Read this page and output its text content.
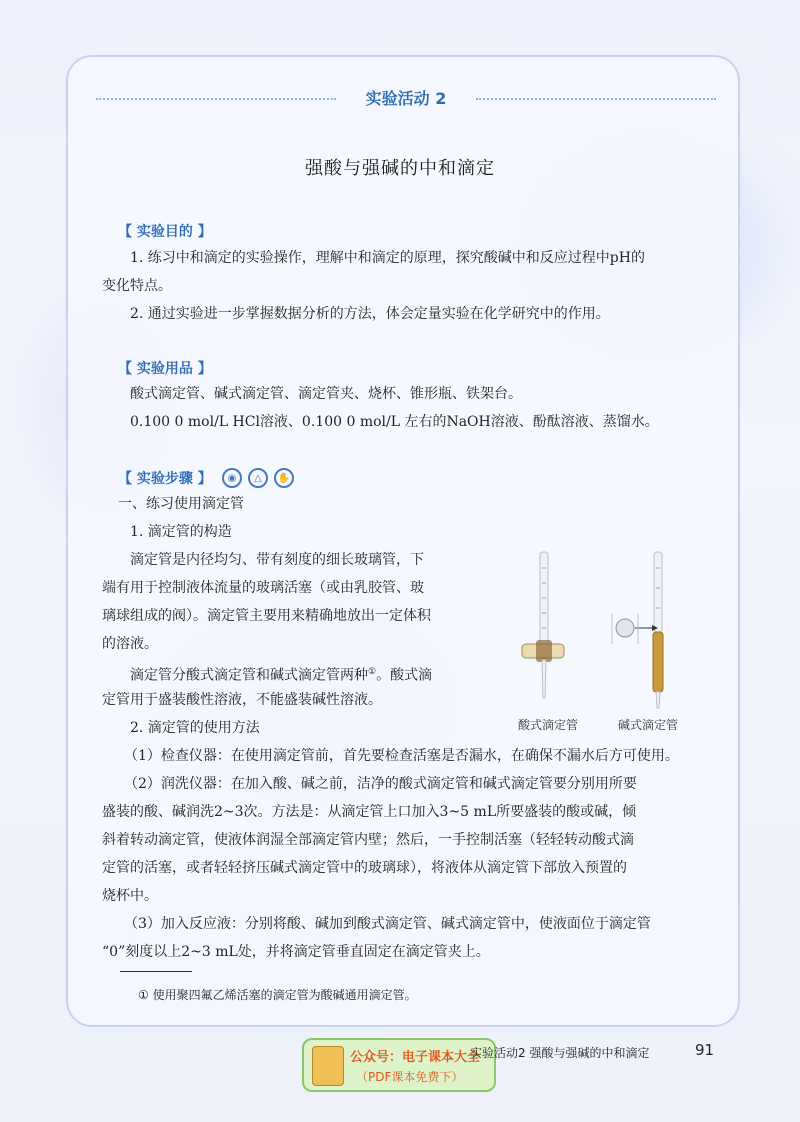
实验活动 2
强酸与强碱的中和滴定
【 实验目的 】
1. 练习中和滴定的实验操作，理解中和滴定的原理，探究酸碱中和反应过程中pH的
变化特点。
2. 通过实验进一步掌握数据分析的方法，体会定量实验在化学研究中的作用。
【 实验用品 】
酸式滴定管、碱式滴定管、滴定管夹、烧杯、锥形瓶、铁架台。
0.100 0 mol/L HCl溶液、0.100 0 mol/L 左右的NaOH溶液、酚酞溶液、蒸馏水。
【 实验步骤 】	◉	△	✋
一、练习使用滴定管
1. 滴定管的构造
滴定管是内径均匀、带有刻度的细长玻璃管，下
端有用于控制液体流量的玻璃活塞（或由乳胶管、玻
璃球组成的阀）。滴定管主要用来精确地放出一定体积
的溶液。
滴定管分酸式滴定管和碱式滴定管两种①。酸式滴
定管用于盛装酸性溶液，不能盛装碱性溶液。
2. 滴定管的使用方法
（1）检查仪器：在使用滴定管前，首先要检查活塞是否漏水，在确保不漏水后方可使用。
（2）润洗仪器：在加入酸、碱之前，洁净的酸式滴定管和碱式滴定管要分别用所要
盛装的酸、碱润洗2~3次。方法是：从滴定管上口加入3~5 mL所要盛装的酸或碱，倾
斜着转动滴定管，使液体润湿全部滴定管内壁；然后，一手控制活塞（轻轻转动酸式滴
定管的活塞，或者轻轻挤压碱式滴定管中的玻璃球），将液体从滴定管下部放入预置的
烧杯中。
（3）加入反应液：分别将酸、碱加到酸式滴定管、碱式滴定管中，使液面位于滴定管
“0”刻度以上2~3 mL处，并将滴定管垂直固定在滴定管夹上。
酸式滴定管	碱式滴定管
① 使用聚四氟乙烯活塞的滴定管为酸碱通用滴定管。
公众号：电子课本大全
（PDF课本免费下）
实验活动2 强酸与强碱的中和滴定	91
